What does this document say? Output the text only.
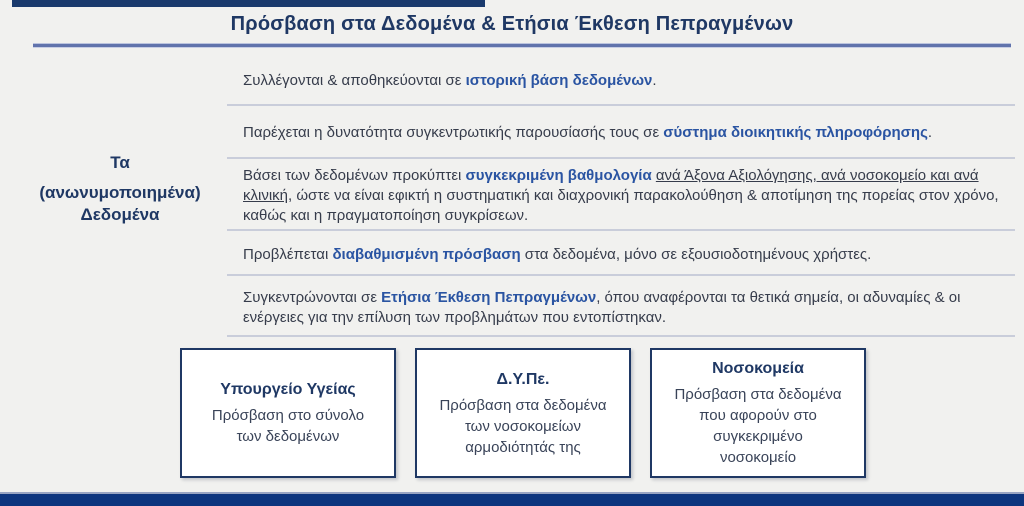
Πρόσβαση στα Δεδομένα & Ετήσια Έκθεση Πεπραγμένων
Τα
(ανωνυμοποιημένα)
Δεδομένα
Συλλέγονται & αποθηκεύονται σε ιστορική βάση δεδομένων.
Παρέχεται η δυνατότητα συγκεντρωτικής παρουσίασής τους σε σύστημα διοικητικής πληροφόρησης.
Βάσει των δεδομένων προκύπτει συγκεκριμένη βαθμολογία ανά Άξονα Αξιολόγησης, ανά νοσοκομείο και ανά κλινική, ώστε να είναι εφικτή η συστηματική και διαχρονική παρακολούθηση & αποτίμηση της πορείας στον χρόνο, καθώς και η πραγματοποίηση συγκρίσεων.
Προβλέπεται διαβαθμισμένη πρόσβαση στα δεδομένα, μόνο σε εξουσιοδοτημένους χρήστες.
Συγκεντρώνονται σε Ετήσια Έκθεση Πεπραγμένων, όπου αναφέρονται τα θετικά σημεία, οι αδυναμίες & οι ενέργειες για την επίλυση των προβλημάτων που εντοπίστηκαν.
Υπουργείο Υγείας
Πρόσβαση στο σύνολο των δεδομένων
Δ.Υ.Πε.
Πρόσβαση στα δεδομένα των νοσοκομείων αρμοδιότητάς της
Νοσοκομεία
Πρόσβαση στα δεδομένα που αφορούν στο συγκεκριμένο νοσοκομείο
